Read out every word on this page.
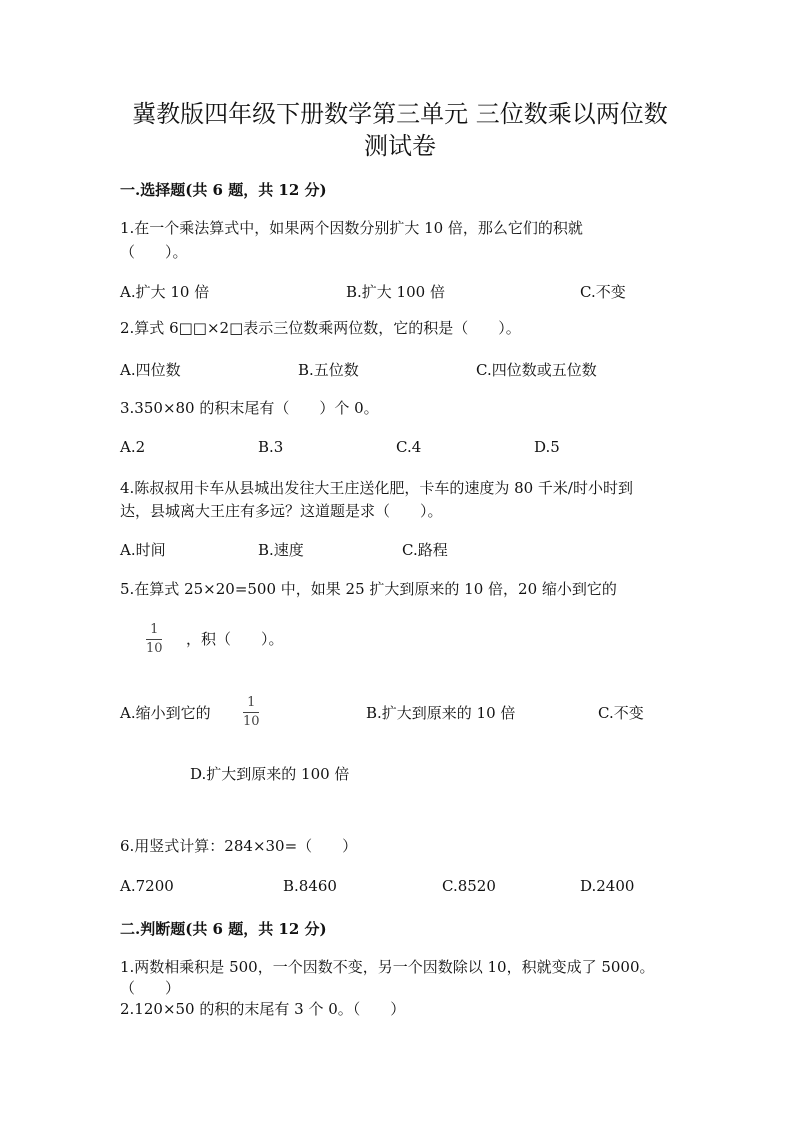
冀教版四年级下册数学第三单元 三位数乘以两位数
测试卷
一.选择题(共 6 题，共 12 分)
1.在一个乘法算式中，如果两个因数分别扩大 10 倍，那么它们的积就
（　　）。
A.扩大 10 倍	B.扩大 100 倍	C.不变
2.算式 6□□×2□表示三位数乘两位数，它的积是（　　）。
A.四位数	B.五位数	C.四位数或五位数
3.350×80 的积末尾有（　　）个 0。
A.2	B.3	C.4	D.5
4.陈叔叔用卡车从县城出发往大王庄送化肥，卡车的速度为 80 千米/时小时到
达，县城离大王庄有多远？这道题是求（　　）。
A.时间	B.速度	C.路程
5.在算式 25×20=500 中，如果 25 扩大到原来的 10 倍，20 缩小到它的
1
10
，积（　　）。
A.缩小到它的
1
10	B.扩大到原来的 10 倍	C.不变
D.扩大到原来的 100 倍
6.用竖式计算：284×30=（　　）
A.7200	B.8460	C.8520	D.2400
二.判断题(共 6 题，共 12 分)
1.两数相乘积是 500，一个因数不变，另一个因数除以 10，积就变成了 5000。
（　　）
2.120×50 的积的末尾有 3 个 0。（　　）
